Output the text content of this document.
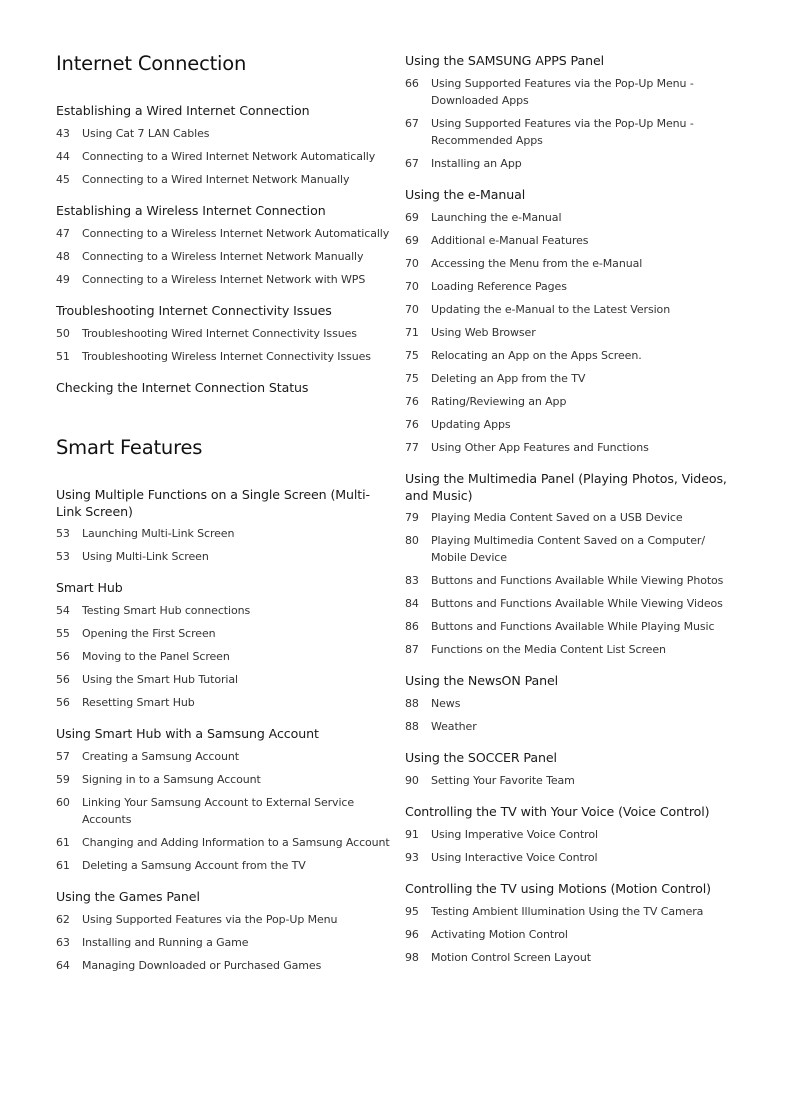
Internet Connection
Establishing a Wired Internet Connection
43	Using Cat 7 LAN Cables
44	Connecting to a Wired Internet Network Automatically
45	Connecting to a Wired Internet Network Manually
Establishing a Wireless Internet Connection
47	Connecting to a Wireless Internet Network Automatically
48	Connecting to a Wireless Internet Network Manually
49	Connecting to a Wireless Internet Network with WPS
Troubleshooting Internet Connectivity Issues
50	Troubleshooting Wired Internet Connectivity Issues
51	Troubleshooting Wireless Internet Connectivity Issues
Checking the Internet Connection Status
Smart Features
Using Multiple Functions on a Single Screen (Multi-Link Screen)
53	Launching Multi-Link Screen
53	Using Multi-Link Screen
Smart Hub
54	Testing Smart Hub connections
55	Opening the First Screen
56	Moving to the Panel Screen
56	Using the Smart Hub Tutorial
56	Resetting Smart Hub
Using Smart Hub with a Samsung Account
57	Creating a Samsung Account
59	Signing in to a Samsung Account
60	Linking Your Samsung Account to External Service Accounts
61	Changing and Adding Information to a Samsung Account
61	Deleting a Samsung Account from the TV
Using the Games Panel
62	Using Supported Features via the Pop-Up Menu
63	Installing and Running a Game
64	Managing Downloaded or Purchased Games
Using the SAMSUNG APPS Panel
66	Using Supported Features via the Pop-Up Menu - Downloaded Apps
67	Using Supported Features via the Pop-Up Menu - Recommended Apps
67	Installing an App
Using the e-Manual
69	Launching the e-Manual
69	Additional e-Manual Features
70	Accessing the Menu from the e-Manual
70	Loading Reference Pages
70	Updating the e-Manual to the Latest Version
71	Using Web Browser
75	Relocating an App on the Apps Screen.
75	Deleting an App from the TV
76	Rating/Reviewing an App
76	Updating Apps
77	Using Other App Features and Functions
Using the Multimedia Panel (Playing Photos, Videos, and Music)
79	Playing Media Content Saved on a USB Device
80	Playing Multimedia Content Saved on a Computer/ Mobile Device
83	Buttons and Functions Available While Viewing Photos
84	Buttons and Functions Available While Viewing Videos
86	Buttons and Functions Available While Playing Music
87	Functions on the Media Content List Screen
Using the NewsON Panel
88	News
88	Weather
Using the SOCCER Panel
90	Setting Your Favorite Team
Controlling the TV with Your Voice (Voice Control)
91	Using Imperative Voice Control
93	Using Interactive Voice Control
Controlling the TV using Motions (Motion Control)
95	Testing Ambient Illumination Using the TV Camera
96	Activating Motion Control
98	Motion Control Screen Layout
